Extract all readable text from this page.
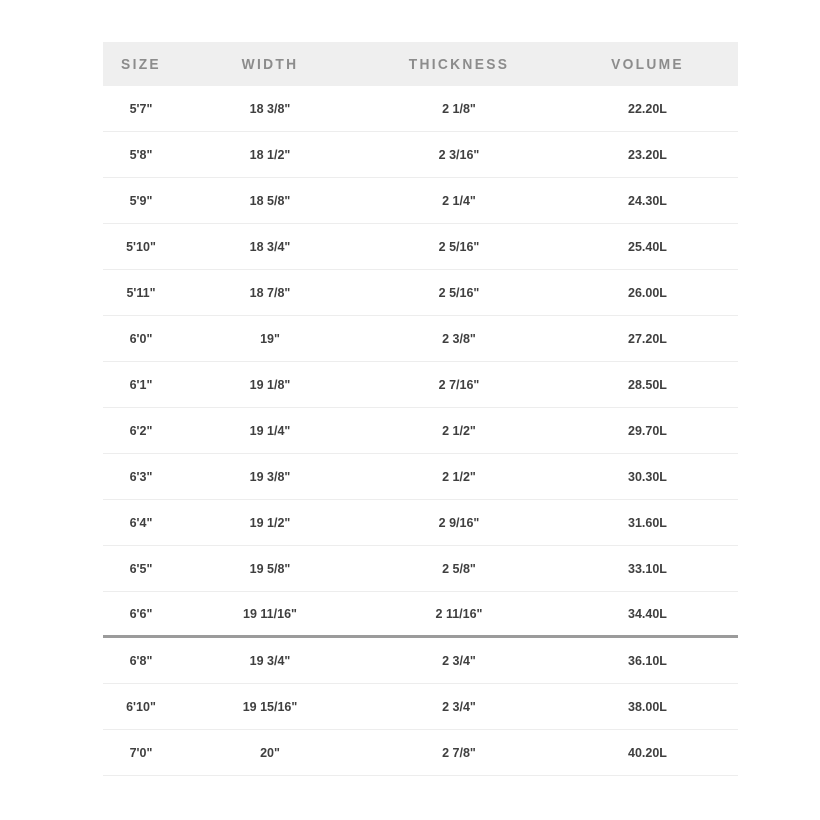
SIZE	WIDTH	THICKNESS	VOLUME
5'7"	18 3/8"	2 1/8"	22.20L
5'8"	18 1/2"	2 3/16"	23.20L
5'9"	18 5/8"	2 1/4"	24.30L
5'10"	18 3/4"	2 5/16"	25.40L
5'11"	18 7/8"	2 5/16"	26.00L
6'0"	19"	2 3/8"	27.20L
6'1"	19 1/8"	2 7/16"	28.50L
6'2"	19 1/4"	2 1/2"	29.70L
6'3"	19 3/8"	2 1/2"	30.30L
6'4"	19 1/2"	2 9/16"	31.60L
6'5"	19 5/8"	2 5/8"	33.10L
6'6"	19 11/16"	2 11/16"	34.40L
6'8"	19 3/4"	2 3/4"	36.10L
6'10"	19 15/16"	2 3/4"	38.00L
7'0"	20"	2 7/8"	40.20L
